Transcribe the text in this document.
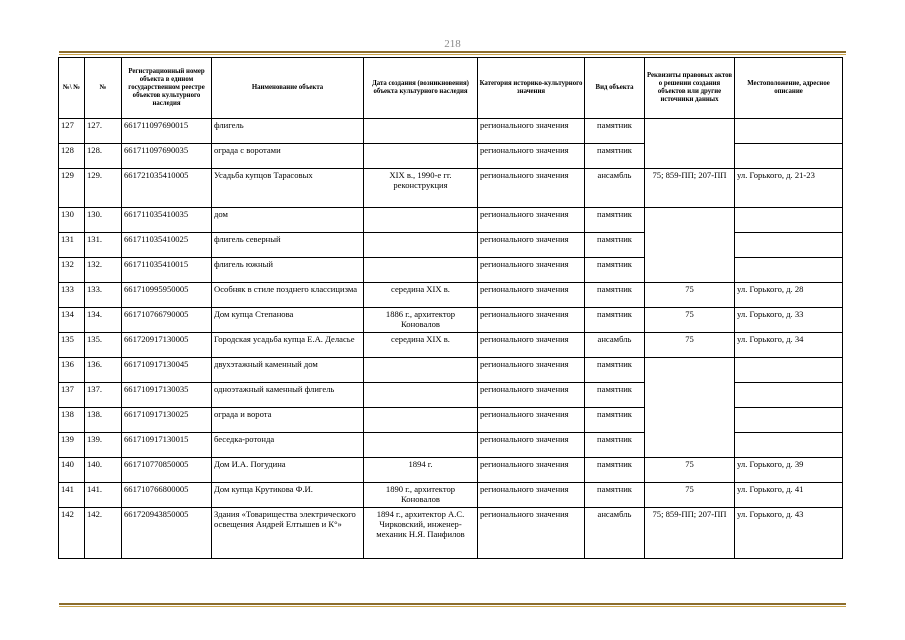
218
№\ №	№	Регистрационный номер объекта в едином государственном реестре объектов культурного наследия	Наименование объекта	Дата создания (возникновения) объекта культурного наследия	Категория историко-культурного значения	Вид объекта	Реквизиты правовых актов о решении создания объектов или другие источники данных	Местоположение, адресное описание
127	127.	661711097690015	флигель		регионального значения	памятник		
128	128.	661711097690035	ограда с воротами		регионального значения	памятник		
129	129.	661721035410005	Усадьба купцов Тарасовых	XIX в., 1990-е гг. реконструкция	регионального значения	ансамбль	75; 859-ПП; 207-ПП	ул. Горького, д. 21-23
130	130.	661711035410035	дом		регионального значения	памятник		
131	131.	661711035410025	флигель северный		регионального значения	памятник		
132	132.	661711035410015	флигель южный		регионального значения	памятник		
133	133.	661710995950005	Особняк в стиле позднего классицизма	середина XIX в.	регионального значения	памятник	75	ул. Горького, д. 28
134	134.	661710766790005	Дом купца Степанова	1886 г., архитектор Коновалов	регионального значения	памятник	75	ул. Горького, д. 33
135	135.	661720917130005	Городская усадьба купца Е.А. Деласье	середина XIX в.	регионального значения	ансамбль	75	ул. Горького, д. 34
136	136.	661710917130045	двухэтажный каменный дом		регионального значения	памятник		
137	137.	661710917130035	одноэтажный каменный флигель		регионального значения	памятник		
138	138.	661710917130025	ограда и ворота		регионального значения	памятник		
139	139.	661710917130015	беседка-ротонда		регионального значения	памятник		
140	140.	661710770850005	Дом И.А. Погудина	1894 г.	регионального значения	памятник	75	ул. Горького, д. 39
141	141.	661710766800005	Дом купца Крутикова Ф.И.	1890 г., архитектор Коновалов	регионального значения	памятник	75	ул. Горького, д. 41
142	142.	661720943850005	Здания «Товарищества электрического освещения Андрей Елтышев и К°»	1894 г., архитектор А.С. Чирковский, инженер-механик Н.Я. Панфилов	регионального значения	ансамбль	75; 859-ПП; 207-ПП	ул. Горького, д. 43
